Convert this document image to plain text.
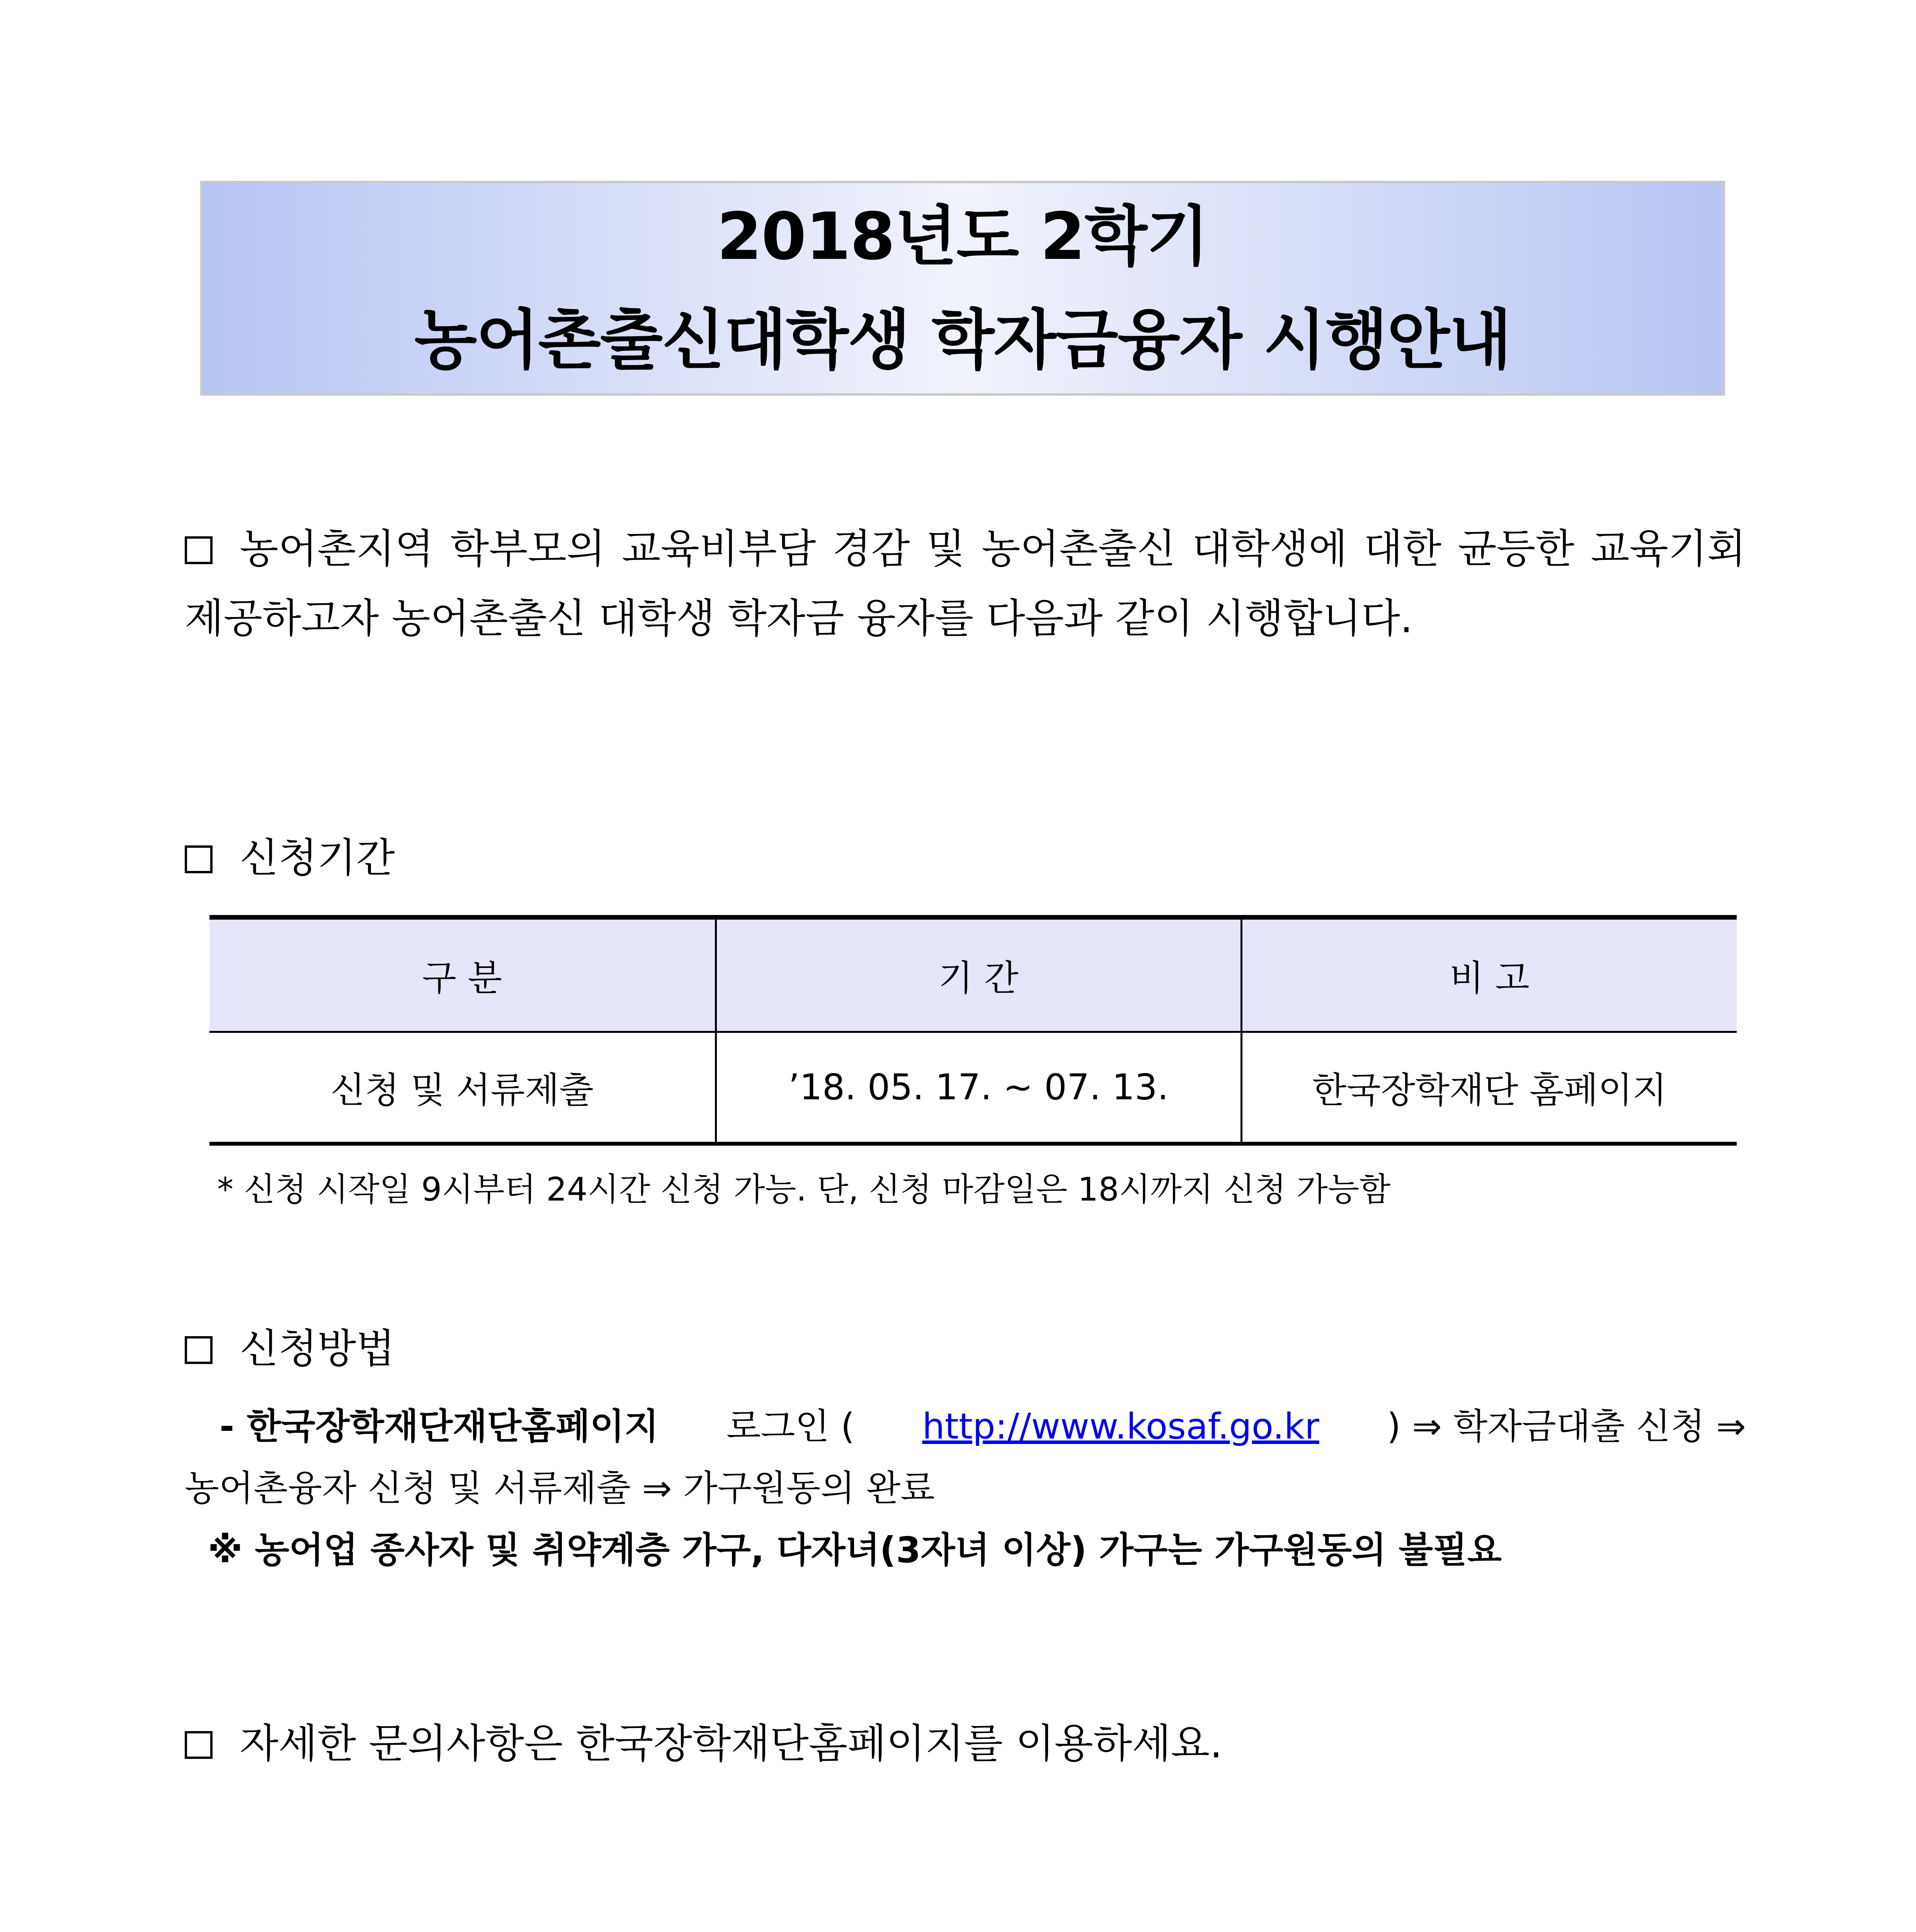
2018년도 2학기
농어촌출신대학생 학자금융자 시행안내
농어촌지역 학부모의 교육비부담 경감 및 농어촌출신 대학생에 대한 균등한 교육기회 제공하고자 농어촌출신 대학생 학자금 융자를 다음과 같이 시행합니다.
신청기간
구 분	기 간	비 고
신청 및 서류제출	’18. 05. 17. ~ 07. 13.	한국장학재단 홈페이지
* 신청 시작일 9시부터 24시간 신청 가능. 단, 신청 마감일은 18시까지 신청 가능함
신청방법
- 한국장학재단재단홈페이지 로그인 ( http://www.kosaf.go.kr ) ⇒ 학자금대출 신청 ⇒
농어촌융자 신청 및 서류제출 ⇒ 가구원동의 완료
※ 농어업 종사자 및 취약계층 가구, 다자녀(3자녀 이상) 가구는 가구원동의 불필요
자세한 문의사항은 한국장학재단홈페이지를 이용하세요.
